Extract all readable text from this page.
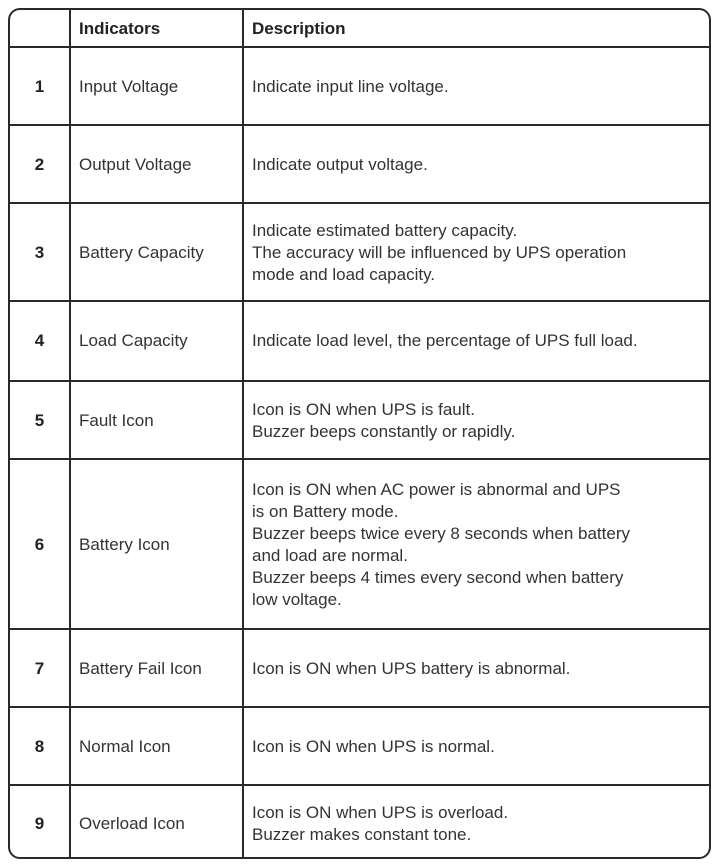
Indicators	Description
1	Input Voltage	Indicate input line voltage.
2	Output Voltage	Indicate output voltage.
3	Battery Capacity
Indicate estimated battery capacity.
The accuracy will be influenced by UPS operation
mode and load capacity.
4	Load Capacity	Indicate load level, the percentage of UPS full load.
5	Fault Icon
Icon is ON when UPS is fault.
Buzzer beeps constantly or rapidly.
6	Battery Icon
Icon is ON when AC power is abnormal and UPS
is on Battery mode.
Buzzer beeps twice every 8 seconds when battery
and load are normal.
Buzzer beeps 4 times every second when battery
low voltage.
7	Battery Fail Icon	Icon is ON when UPS battery is abnormal.
8	Normal Icon	Icon is ON when UPS is normal.
9	Overload Icon
Icon is ON when UPS is overload.
Buzzer makes constant tone.
